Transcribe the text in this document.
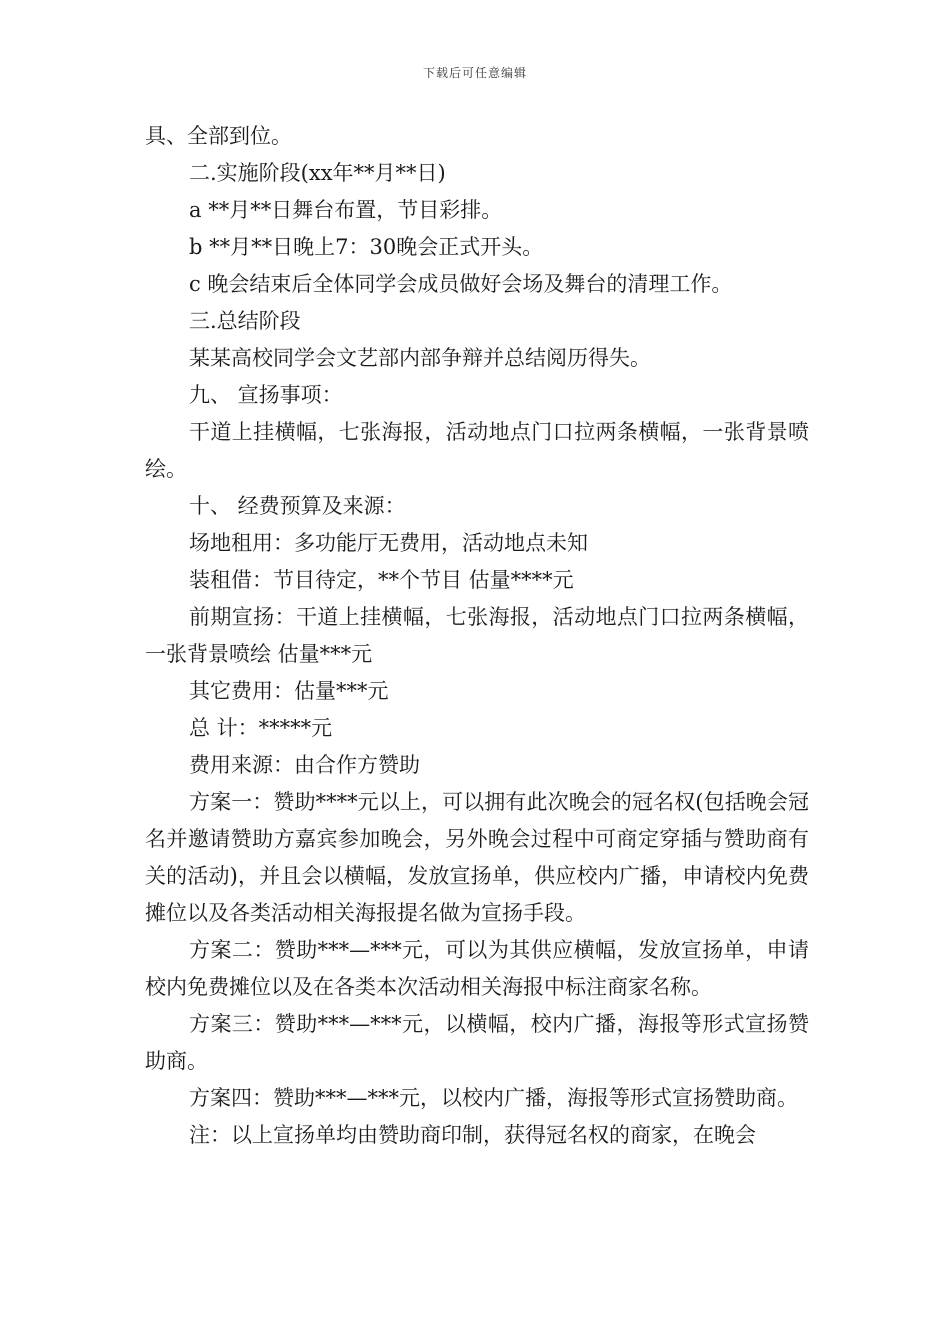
下载后可任意编辑

具、全部到位。

二.实施阶段(xx年**月**日)

a **月**日舞台布置，节目彩排。

b **月**日晚上7：30晚会正式开头。

c 晚会结束后全体同学会成员做好会场及舞台的清理工作。

三.总结阶段

某某高校同学会文艺部内部争辩并总结阅历得失。

九、 宣扬事项：

干道上挂横幅，七张海报，活动地点门口拉两条横幅，一张背景喷绘。

十、 经费预算及来源：

场地租用：多功能厅无费用，活动地点未知

装租借：节目待定，**个节目 估量****元

前期宣扬：干道上挂横幅，七张海报，活动地点门口拉两条横幅，一张背景喷绘 估量***元

其它费用：估量***元

总 计：*****元

费用来源：由合作方赞助

方案一：赞助****元以上，可以拥有此次晚会的冠名权(包括晚会冠名并邀请赞助方嘉宾参加晚会，另外晚会过程中可商定穿插与赞助商有关的活动)，并且会以横幅，发放宣扬单，供应校内广播，申请校内免费摊位以及各类活动相关海报提名做为宣扬手段。

方案二：赞助***—***元，可以为其供应横幅，发放宣扬单，申请校内免费摊位以及在各类本次活动相关海报中标注商家名称。

方案三：赞助***—***元，以横幅，校内广播，海报等形式宣扬赞助商。

方案四：赞助***—***元，以校内广播，海报等形式宣扬赞助商。

注：以上宣扬单均由赞助商印制，获得冠名权的商家，在晚会
